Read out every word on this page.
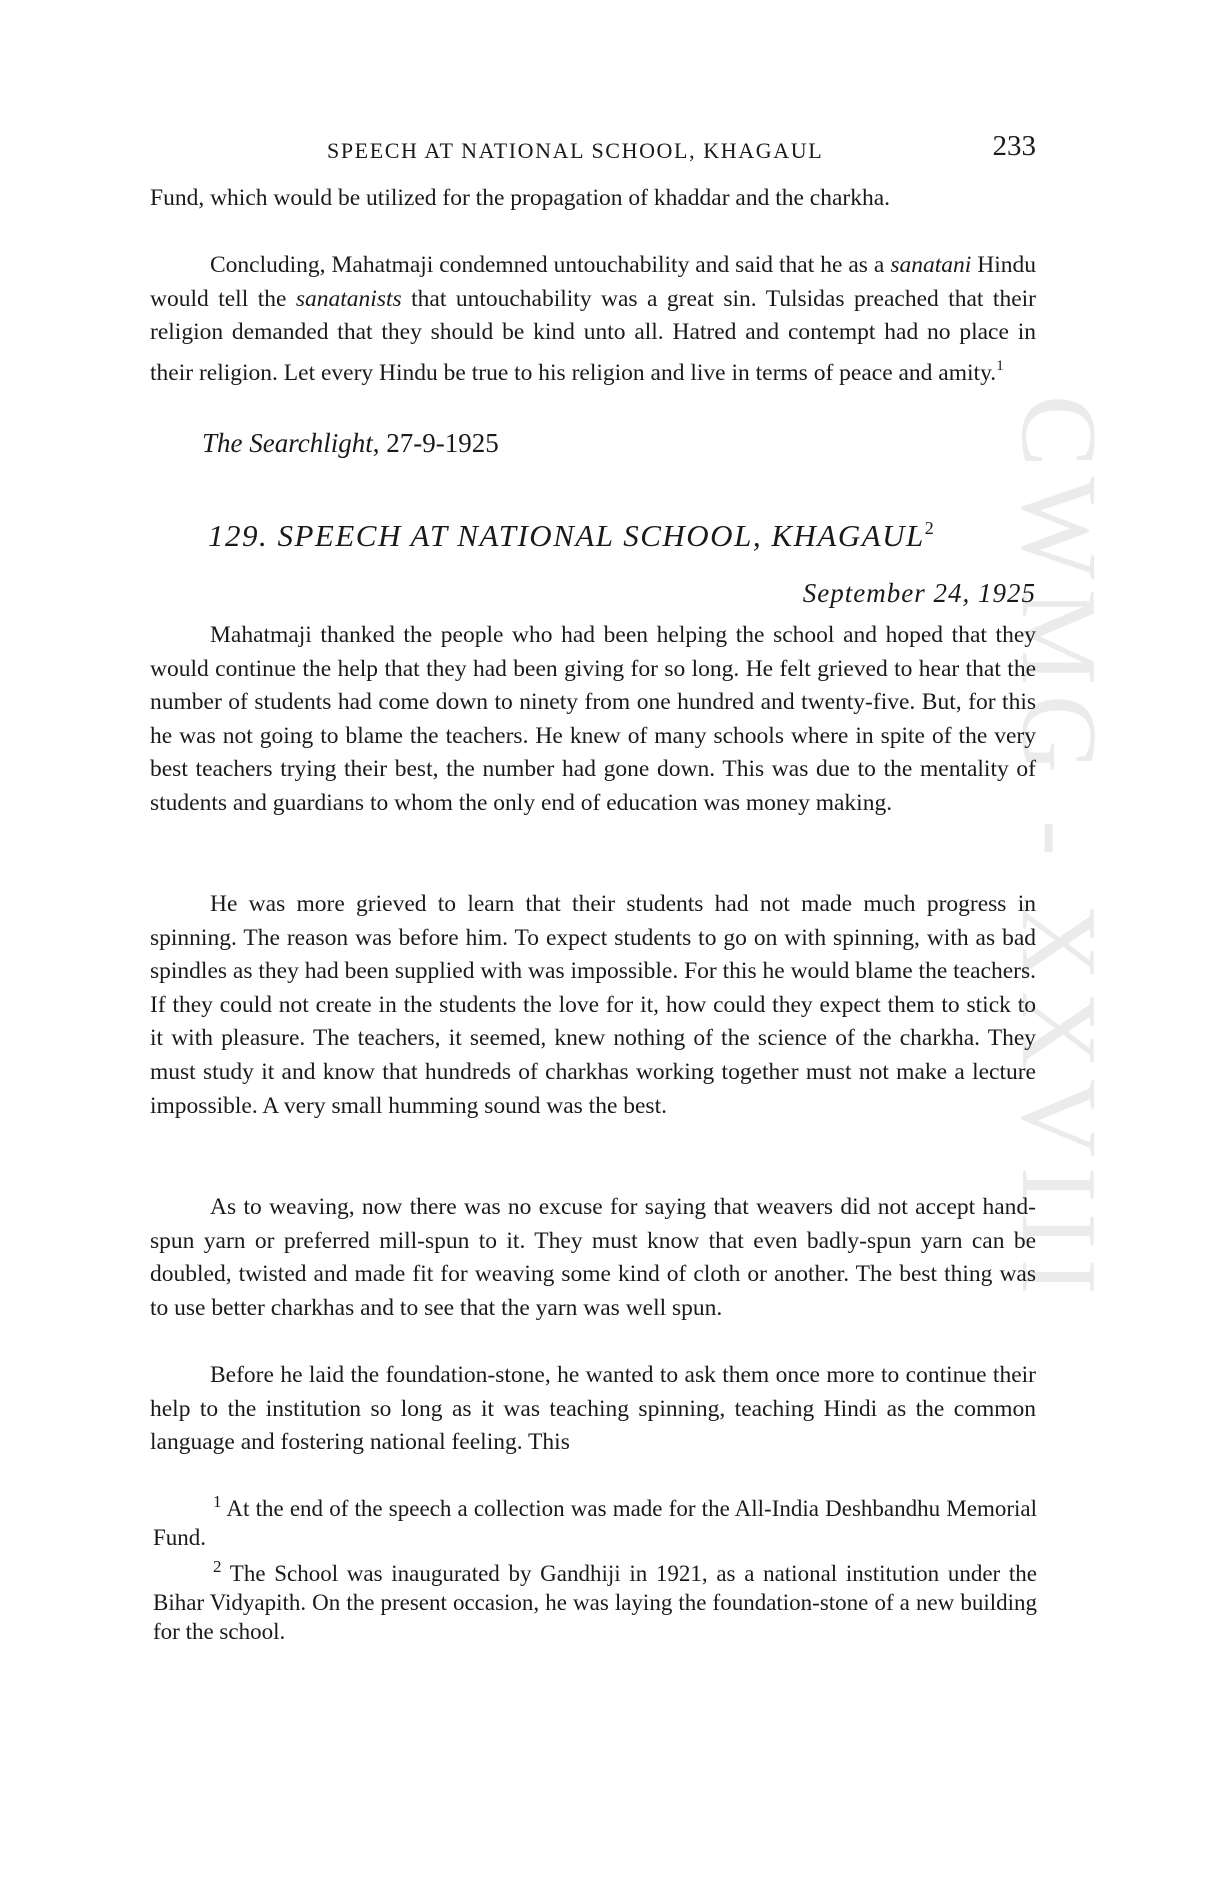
CWMG - XXVIII
SPEECH AT NATIONAL SCHOOL, KHAGAUL	233

Fund, which would be utilized for the propagation of khaddar and the charkha.

Concluding, Mahatmaji condemned untouchability and said that he as a sanatani Hindu would tell the sanatanists that untouchability was a great sin. Tulsidas preached that their religion demanded that they should be kind unto all. Hatred and contempt had no place in their religion. Let every Hindu be true to his religion and live in terms of peace and amity.$^1$

The Searchlight, 27-9-1925

129. SPEECH AT NATIONAL SCHOOL, KHAGAUL$^2$

September 24, 1925

Mahatmaji thanked the people who had been helping the school and hoped that they would continue the help that they had been giving for so long. He felt grieved to hear that the number of students had come down to ninety from one hundred and twenty-five. But, for this he was not going to blame the teachers. He knew of many schools where in spite of the very best teachers trying their best, the number had gone down. This was due to the mentality of students and guardians to whom the only end of education was money making.

He was more grieved to learn that their students had not made much progress in spinning. The reason was before him. To expect students to go on with spinning, with as bad spindles as they had been supplied with was impossible. For this he would blame the teachers. If they could not create in the students the love for it, how could they expect them to stick to it with pleasure. The teachers, it seemed, knew nothing of the science of the charkha. They must study it and know that hundreds of charkhas working together must not make a lecture impossible. A very small humming sound was the best.

As to weaving, now there was no excuse for saying that weavers did not accept hand-spun yarn or preferred mill-spun to it. They must know that even badly-spun yarn can be doubled, twisted and made fit for weaving some kind of cloth or another. The best thing was to use better charkhas and to see that the yarn was well spun.

Before he laid the foundation-stone, he wanted to ask them once more to continue their help to the institution so long as it was teaching spinning, teaching Hindi as the common language and fostering national feeling. This

$^1$ At the end of the speech a collection was made for the All-India Deshbandhu Memorial Fund.

$^2$ The School was inaugurated by Gandhiji in 1921, as a national institution under the Bihar Vidyapith. On the present occasion, he was laying the foundation-stone of a new building for the school.
